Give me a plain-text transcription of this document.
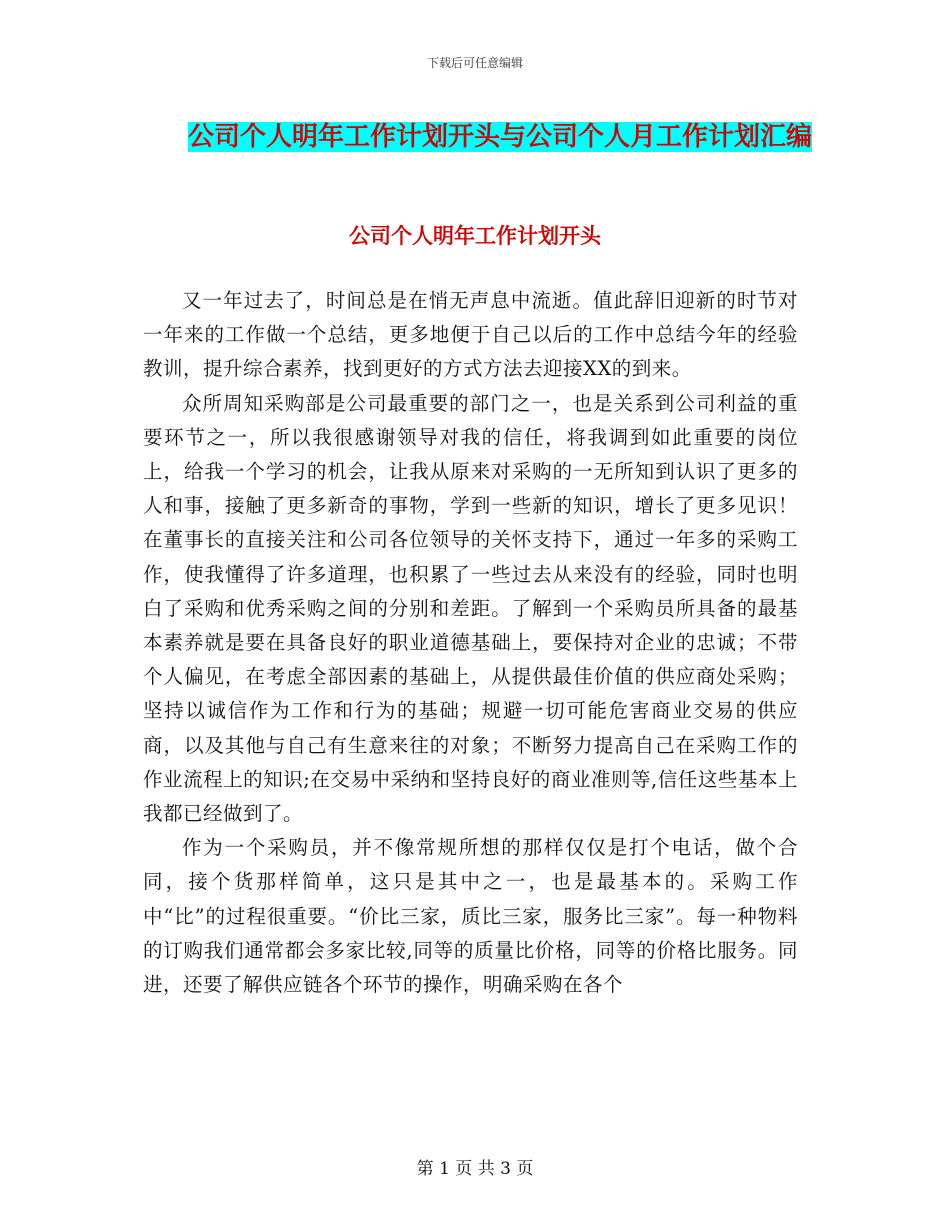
下载后可任意编辑
公司个人明年工作计划开头与公司个人月工作计划汇编
公司个人明年工作计划开头

又一年过去了，时间总是在悄无声息中流逝。值此辞旧迎新的时节对一年来的工作做一个总结，更多地便于自己以后的工作中总结今年的经验教训，提升综合素养，找到更好的方式方法去迎接XX的到来。

众所周知采购部是公司最重要的部门之一，也是关系到公司利益的重要环节之一，所以我很感谢领导对我的信任，将我调到如此重要的岗位上，给我一个学习的机会，让我从原来对采购的一无所知到认识了更多的人和事，接触了更多新奇的事物，学到一些新的知识，增长了更多见识！在董事长的直接关注和公司各位领导的关怀支持下，通过一年多的采购工作，使我懂得了许多道理，也积累了一些过去从来没有的经验，同时也明白了采购和优秀采购之间的分别和差距。了解到一个采购员所具备的最基本素养就是要在具备良好的职业道德基础上，要保持对企业的忠诚；不带个人偏见，在考虑全部因素的基础上，从提供最佳价值的供应商处采购；坚持以诚信作为工作和行为的基础；规避一切可能危害商业交易的供应商，以及其他与自己有生意来往的对象；不断努力提高自己在采购工作的作业流程上的知识;在交易中采纳和坚持良好的商业准则等,信任这些基本上我都已经做到了。

作为一个采购员，并不像常规所想的那样仅仅是打个电话，做个合同，接个货那样简单，这只是其中之一，也是最基本的。采购工作中“比”的过程很重要。“价比三家，质比三家，服务比三家”。每一种物料的订购我们通常都会多家比较,同等的质量比价格，同等的价格比服务。同进，还要了解供应链各个环节的操作，明确采购在各个

第 1 页 共 3 页
